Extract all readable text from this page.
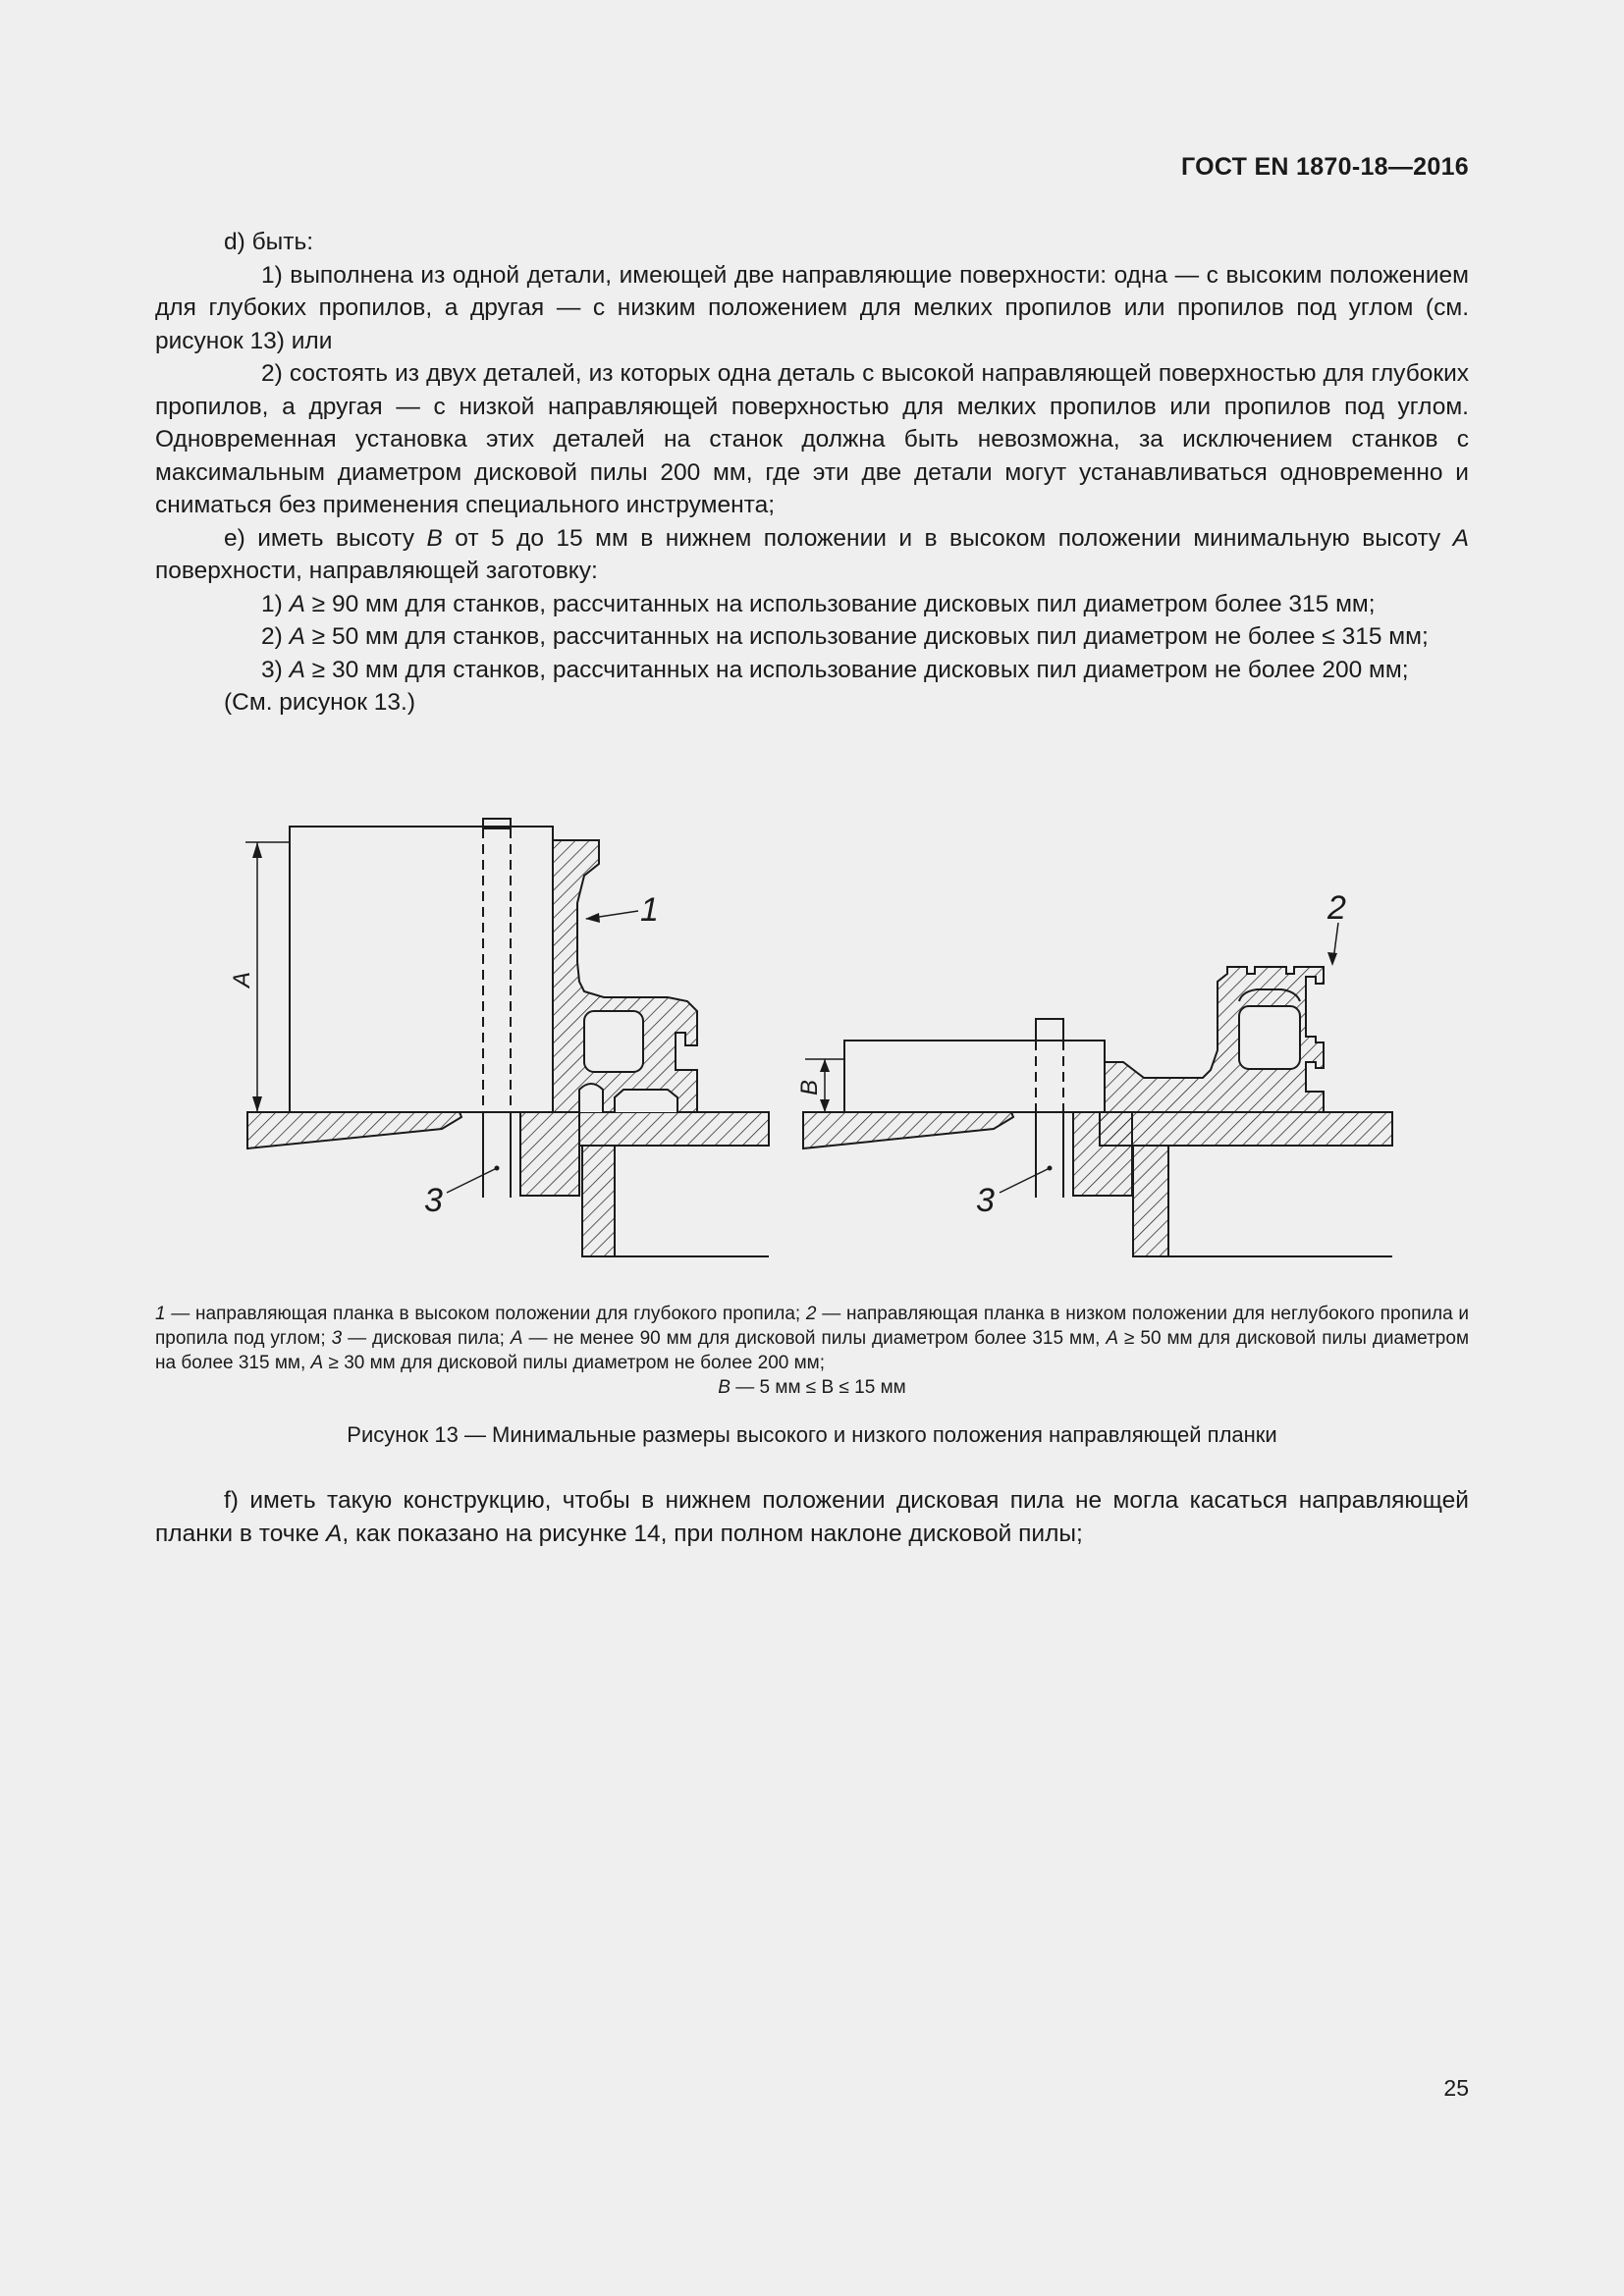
ГОСТ EN 1870-18—2016

d) быть:

1) выполнена из одной детали, имеющей две направляющие поверхности: одна — с высоким положением для глубоких пропилов, а другая — с низким положением для мелких пропилов или пропилов под углом (см. рисунок 13) или

2) состоять из двух деталей, из которых одна деталь с высокой направляющей поверхностью для глубоких пропилов, а другая — с низкой направляющей поверхностью для мелких пропилов или пропилов под углом. Одновременная установка этих деталей на станок должна быть невозможна, за исключением станков с максимальным диаметром дисковой пилы 200 мм, где эти две детали могут устанавливаться одновременно и сниматься без применения специального инструмента;

e) иметь высоту B от 5 до 15 мм в нижнем положении и в высоком положении минимальную высоту A поверхности, направляющей заготовку:

1) A ≥ 90 мм для станков, рассчитанных на использование дисковых пил диаметром более 315 мм;

2) A ≥ 50 мм для станков, рассчитанных на использование дисковых пил диаметром не более ≤ 315 мм;

3) A ≥ 30 мм для станков, рассчитанных на использование дисковых пил диаметром не более 200 мм;

(См. рисунок 13.)

A
1
3
B
2
3
1 — направляющая планка в высоком положении для глубокого пропила; 2 — направляющая планка в низком положении для неглубокого пропила и пропила под углом; 3 — дисковая пила; A — не менее 90 мм для дисковой пилы диаметром более 315 мм, A ≥ 50 мм для дисковой пилы диаметром на более 315 мм, A ≥ 30 мм для дисковой пилы диаметром не более 200 мм;
B — 5 мм ≤ B ≤ 15 мм
Рисунок 13 — Минимальные размеры высокого и низкого положения направляющей планки

f) иметь такую конструкцию, чтобы в нижнем положении дисковая пила не могла касаться направляющей планки в точке A, как показано на рисунке 14, при полном наклоне дисковой пилы;

25
